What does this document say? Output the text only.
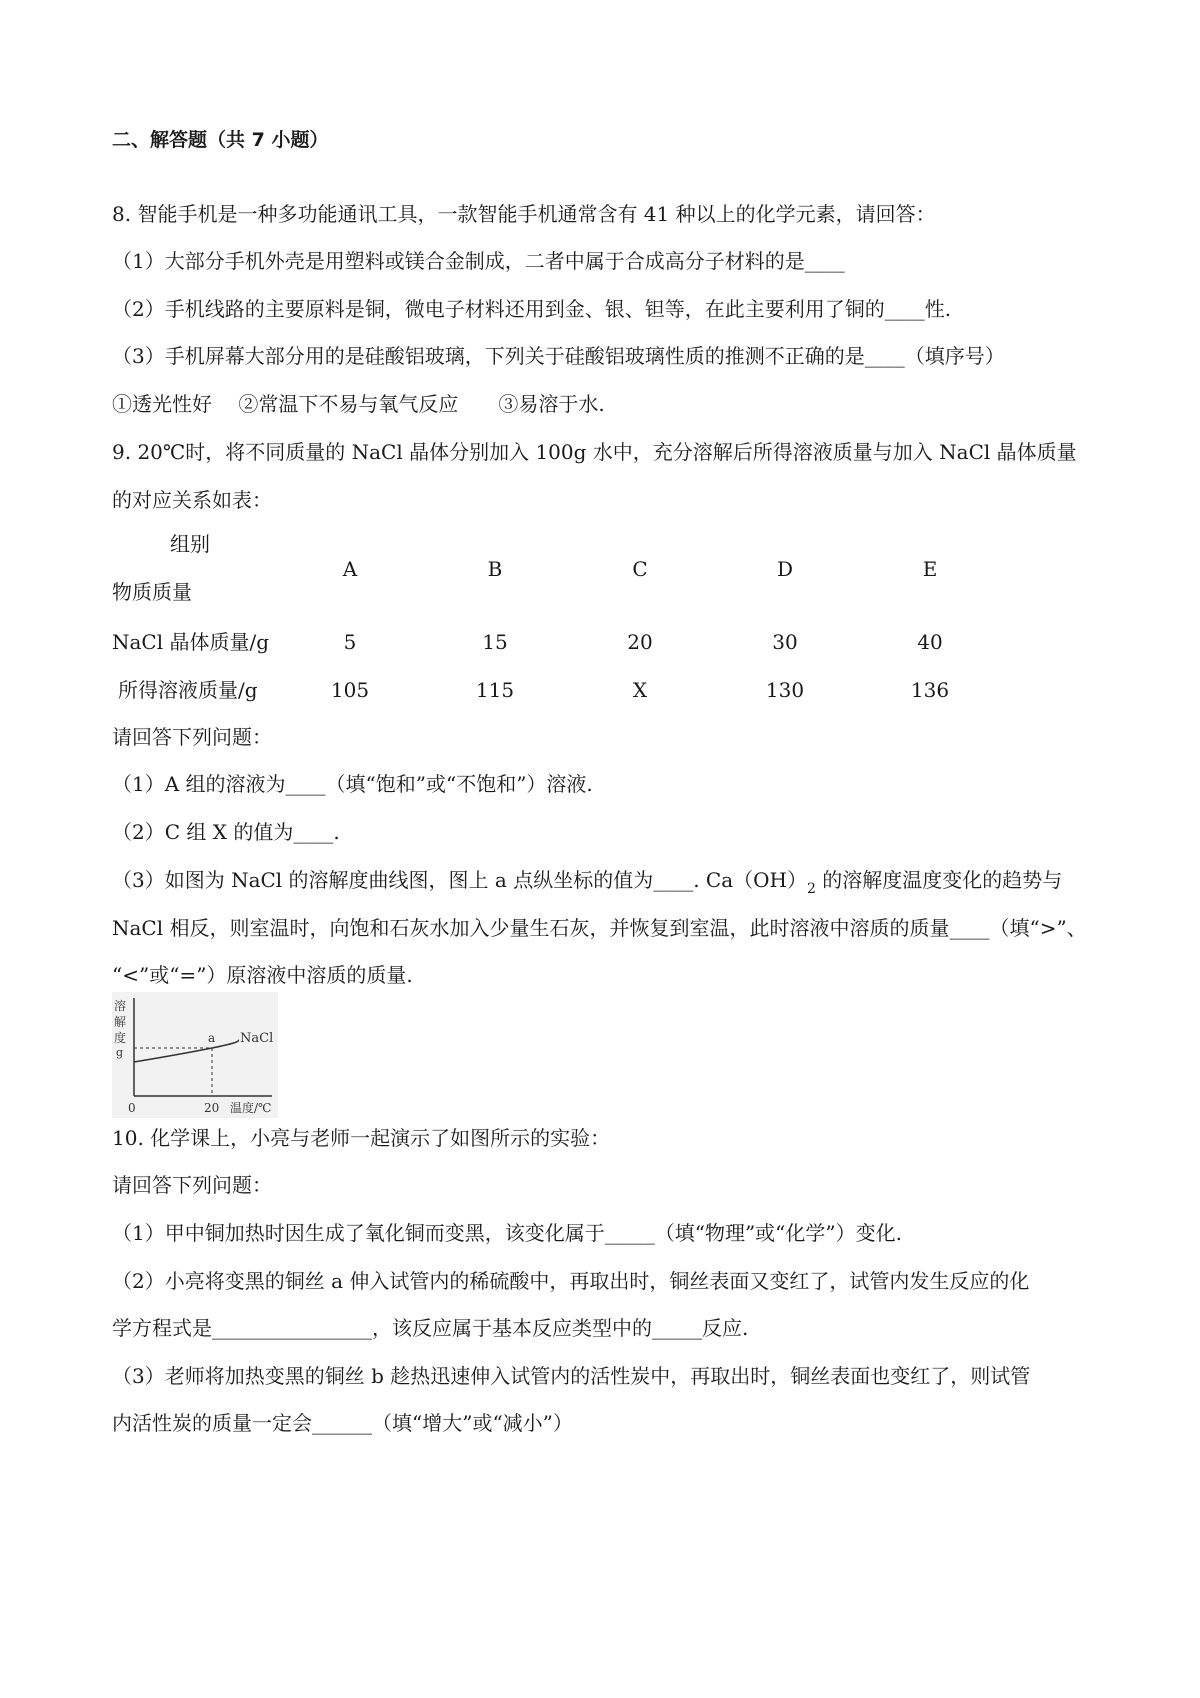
二、解答题（共 7 小题）
8. 智能手机是一种多功能通讯工具，一款智能手机通常含有 41 种以上的化学元素，请回答：
（1）大部分手机外壳是用塑料或镁合金制成，二者中属于合成高分子材料的是____
（2）手机线路的主要原料是铜，微电子材料还用到金、银、钽等，在此主要利用了铜的____性.
（3）手机屏幕大部分用的是硅酸铝玻璃，下列关于硅酸铝玻璃性质的推测不正确的是____（填序号）
①透光性好　 ②常温下不易与氧气反应　　③易溶于水.
9. 20℃时，将不同质量的 NaCl 晶体分别加入 100g 水中，充分溶解后所得溶液质量与加入 NaCl 晶体质量
的对应关系如表：
组别
物质质量
A	B	C	D	E
NaCl 晶体质量/g	5	15	20	30	40
所得溶液质量/g	105	115	X	130	136
请回答下列问题：
（1）A 组的溶液为____（填“饱和”或“不饱和”）溶液.
（2）C 组 X 的值为____.
（3）如图为 NaCl 的溶解度曲线图，图上 a 点纵坐标的值为____. $Ca(OH)_2$ 的溶解度温度变化的趋势与
NaCl 相反，则室温时，向饱和石灰水加入少量生石灰，并恢复到室温，此时溶液中溶质的质量____（填“>”、
“<”或“=”）原溶液中溶质的质量.
溶
解
度
g
a NaCl
0	20 温度/℃
10. 化学课上，小亮与老师一起演示了如图所示的实验：
请回答下列问题：
（1）甲中铜加热时因生成了氧化铜而变黑，该变化属于_____（填“物理”或“化学”）变化.
（2）小亮将变黑的铜丝 a 伸入试管内的稀硫酸中，再取出时，铜丝表面又变红了，试管内发生反应的化
学方程式是________________，该反应属于基本反应类型中的_____反应.
（3）老师将加热变黑的铜丝 b 趁热迅速伸入试管内的活性炭中，再取出时，铜丝表面也变红了，则试管
内活性炭的质量一定会______（填“增大”或“减小”）
